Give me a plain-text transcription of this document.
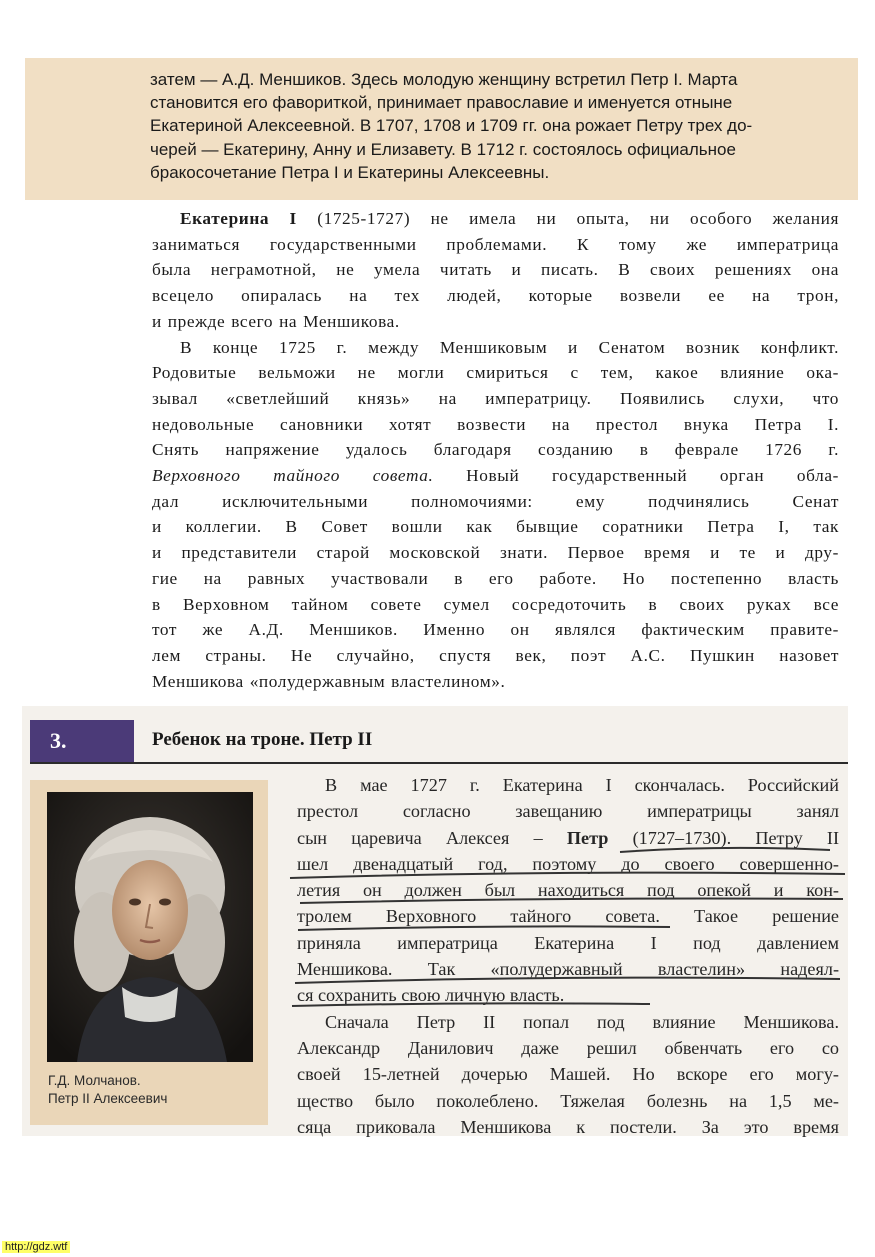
затем — А.Д. Меншиков. Здесь молодую женщину встретил Петр I. Марта
становится его фавориткой, принимает православие и именуется отныне
Екатериной Алексеевной. В 1707, 1708 и 1709 гг. она рожает Петру трех до-
черей — Екатерину, Анну и Елизавету. В 1712 г. состоялось официальное
бракосочетание Петра I и Екатерины Алексеевны.
Екатерина I (1725-1727) не имела ни опыта, ни особого желания
заниматься государственными проблемами. К тому же императрица
была неграмотной, не умела читать и писать. В своих решениях она
всецело опиралась на тех людей, которые возвели ее на трон,
и прежде всего на Меншикова.
В конце 1725 г. между Меншиковым и Сенатом возник конфликт.
Родовитые вельможи не могли смириться с тем, какое влияние ока-
зывал «светлейший князь» на императрицу. Появились слухи, что
недовольные сановники хотят возвести на престол внука Петра I.
Снять напряжение удалось благодаря созданию в феврале 1726 г.
Верховного тайного совета. Новый государственный орган обла-
дал исключительными полномочиями: ему подчинялись Сенат
и коллегии. В Совет вошли как бывщие соратники Петра I, так
и представители старой московской знати. Первое время и те и дру-
гие на равных участвовали в его работе. Но постепенно власть
в Верховном тайном совете сумел сосредоточить в своих руках все
тот же А.Д. Меншиков. Именно он являлся фактическим правите-
лем страны. Не случайно, спустя век, поэт А.С. Пушкин назовет
Меншикова «полудержавным властелином».
3.	Ребенок на троне. Петр II
Г.Д. Молчанов.
Петр II Алексеевич
В мае 1727 г. Екатерина I скончалась. Российский
престол согласно завещанию императрицы занял
сын царевича Алексея – Петр (1727–1730). Петру II
шел двенадцатый год, поэтому до своего совершенно-
летия он должен был находиться под опекой и кон-
тролем Верховного тайного совета. Такое решение
приняла императрица Екатерина I под давлением
Меншикова. Так «полудержавный властелин» надеял-
ся сохранить свою личную власть.
Сначала Петр II попал под влияние Меншикова.
Александр Данилович даже решил обвенчать его со
своей 15-летней дочерью Машей. Но вскоре его могу-
щество было поколеблено. Тяжелая болезнь на 1,5 ме-
сяца приковала Меншикова к постели. За это время
http://gdz.wtf
